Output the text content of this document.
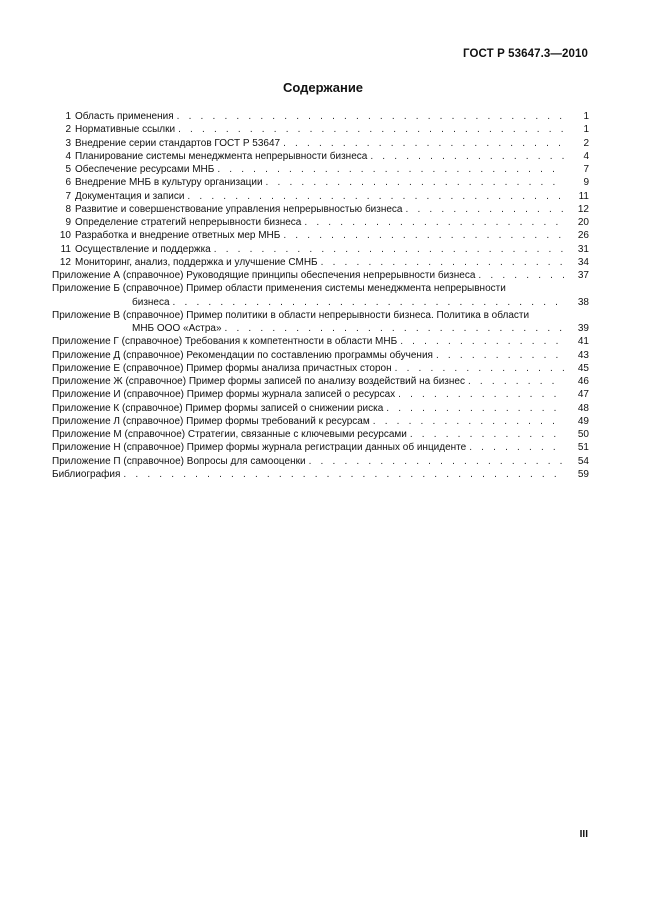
ГОСТ Р 53647.3—2010
Содержание
1 Область применения . . .	1
2 Нормативные ссылки . . .	1
3 Внедрение серии стандартов ГОСТ Р 53647 . . .	2
4 Планирование системы менеджмента непрерывности бизнеса . . .	4
5 Обеспечение ресурсами МНБ . . .	7
6 Внедрение МНБ в культуру организации . . .	9
7 Документация и записи . . .	11
8 Развитие и совершенствование управления непрерывностью бизнеса . . .	12
9 Определение стратегий непрерывности бизнеса . . .	20
10 Разработка и внедрение ответных мер МНБ . . .	26
11 Осуществление и поддержка . . .	31
12 Мониторинг, анализ, поддержка и улучшение СМНБ . . .	34
Приложение А (справочное) Руководящие принципы обеспечения непрерывности бизнеса . . .	37
Приложение Б (справочное) Пример области применения системы менеджмента непрерывности
бизнеса . . .	38
Приложение В (справочное) Пример политики в области непрерывности бизнеса. Политика в области
МНБ ООО «Астра» . . .	39
Приложение Г (справочное) Требования к компетентности в области МНБ . . .	41
Приложение Д (справочное) Рекомендации по составлению программы обучения . . .	43
Приложение Е (справочное) Пример формы анализа причастных сторон . . .	45
Приложение Ж (справочное) Пример формы записей по анализу воздействий на бизнес . . .	46
Приложение И (справочное) Пример формы журнала записей о ресурсах . . .	47
Приложение К (справочное) Пример формы записей о снижении риска . . .	48
Приложение Л (справочное) Пример формы требований к ресурсам . . .	49
Приложение М (справочное) Стратегии, связанные с ключевыми ресурсами . . .	50
Приложение Н (справочное) Пример формы журнала регистрации данных об инциденте . . .	51
Приложение П (справочное) Вопросы для самооценки . . .	54
Библиография . . .	59
III
